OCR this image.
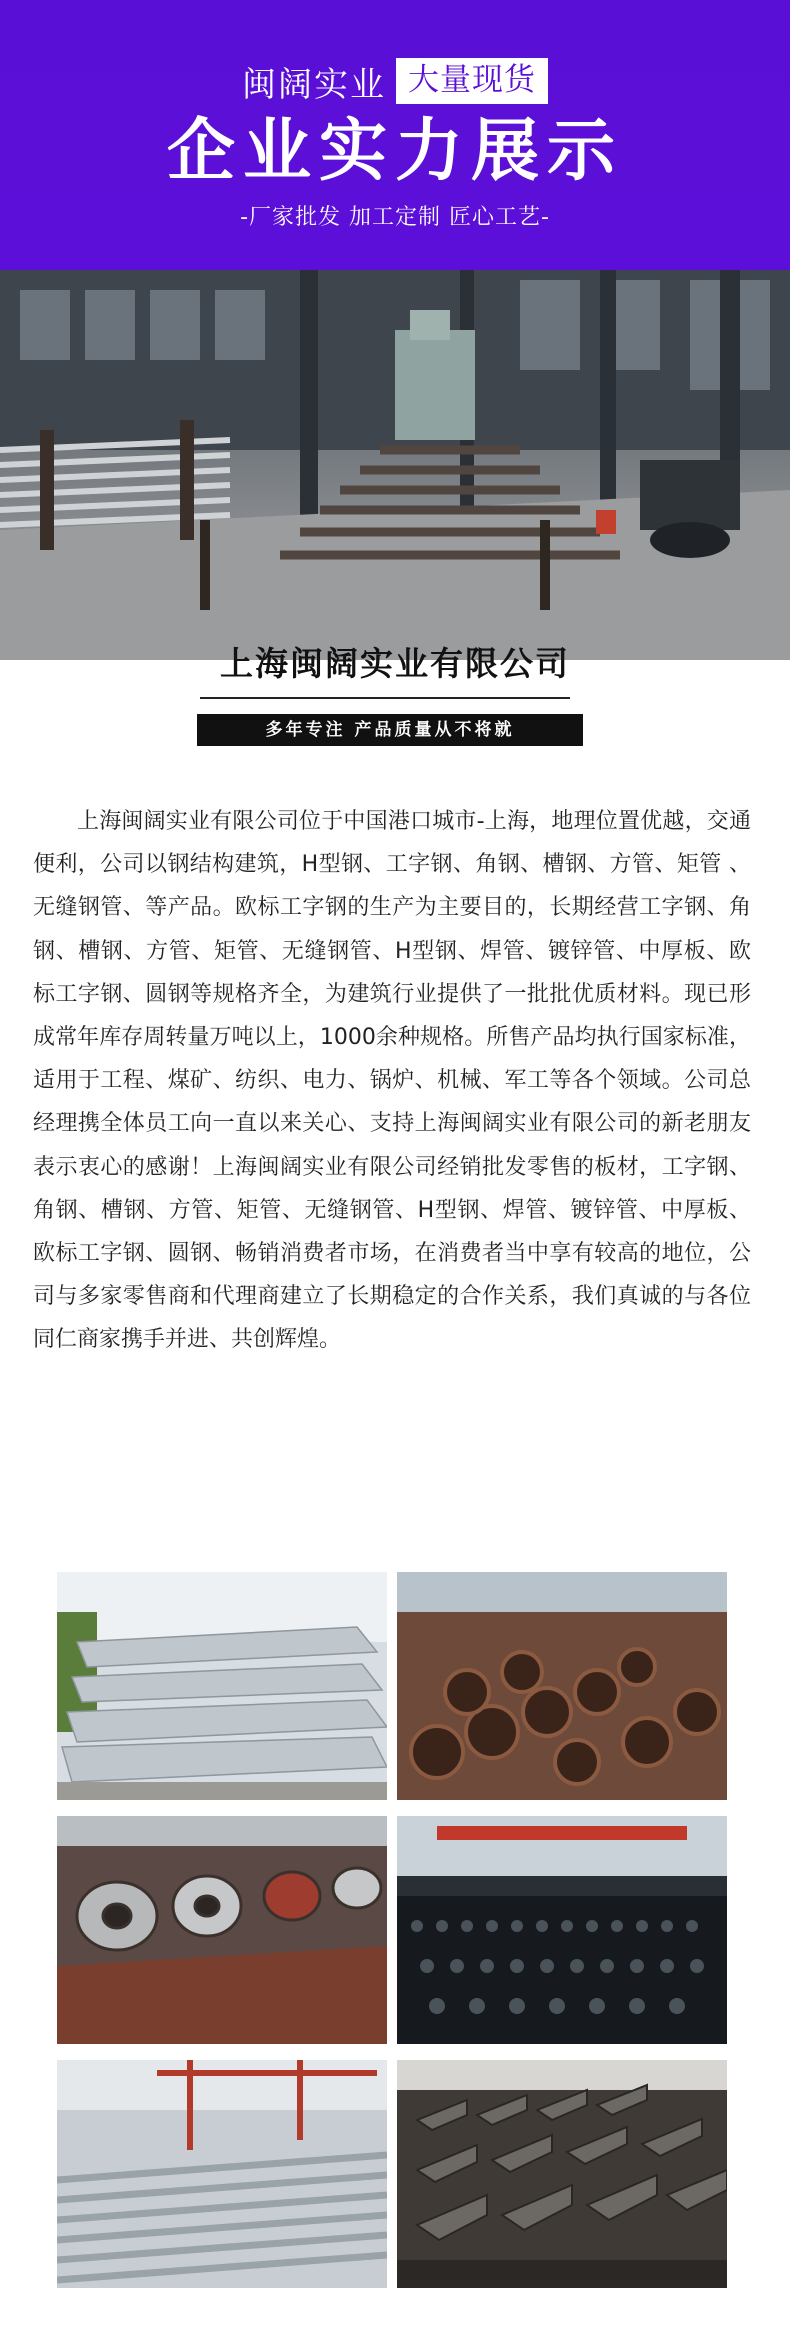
闽阔实业 大量现货
企业实力展示
-厂家批发 加工定制 匠心工艺-
上海闽阔实业有限公司
多年专注 产品质量从不将就
上海闽阔实业有限公司位于中国港口城市-上海，地理位置优越，交通便利，公司以钢结构建筑，H型钢、工字钢、角钢、槽钢、方管、矩管 、无缝钢管、等产品。欧标工字钢的生产为主要目的，长期经营工字钢、角钢、槽钢、方管、矩管、无缝钢管、H型钢、焊管、镀锌管、中厚板、欧标工字钢、圆钢等规格齐全，为建筑行业提供了一批批优质材料。现已形成常年库存周转量万吨以上，1000余种规格。所售产品均执行国家标准，适用于工程、煤矿、纺织、电力、锅炉、机械、军工等各个领域。公司总经理携全体员工向一直以来关心、支持上海闽阔实业有限公司的新老朋友表示衷心的感谢！上海闽阔实业有限公司经销批发零售的板材，工字钢、角钢、槽钢、方管、矩管、无缝钢管、H型钢、焊管、镀锌管、中厚板、欧标工字钢、圆钢、畅销消费者市场，在消费者当中享有较高的地位，公司与多家零售商和代理商建立了长期稳定的合作关系，我们真诚的与各位同仁商家携手并进、共创辉煌。
